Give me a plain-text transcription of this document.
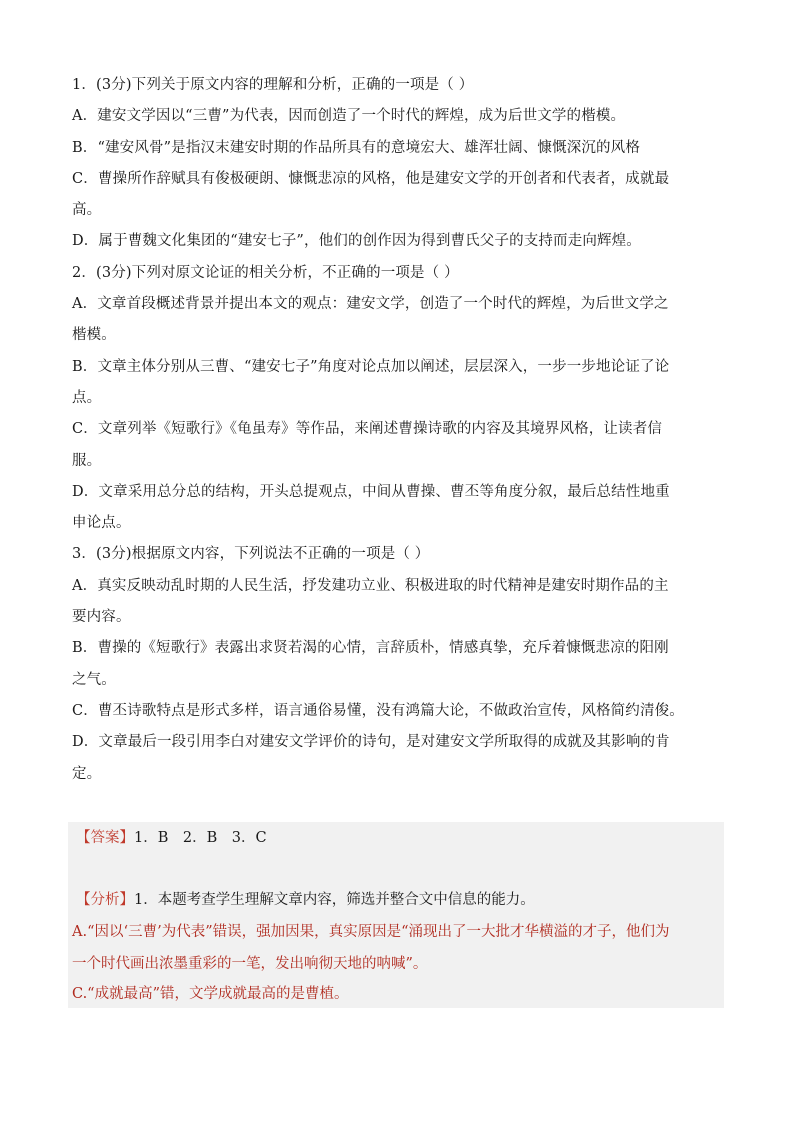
1．(3分)下列关于原文内容的理解和分析，正确的一项是（ ）
A．建安文学因以“三曹”为代表，因而创造了一个时代的辉煌，成为后世文学的楷模。
B．“建安风骨”是指汉末建安时期的作品所具有的意境宏大、雄浑壮阔、慷慨深沉的风格
C．曹操所作辞赋具有俊极硬朗、慷慨悲凉的风格，他是建安文学的开创者和代表者，成就最
高。
D．属于曹魏文化集团的“建安七子”，他们的创作因为得到曹氏父子的支持而走向辉煌。
2．(3分)下列对原文论证的相关分析，不正确的一项是（ ）
A．文章首段概述背景并提出本文的观点：建安文学，创造了一个时代的辉煌，为后世文学之
楷模。
B．文章主体分别从三曹、“建安七子”角度对论点加以阐述，层层深入，一步一步地论证了论
点。
C．文章列举《短歌行》《龟虽寿》等作品，来阐述曹操诗歌的内容及其境界风格，让读者信
服。
D．文章采用总分总的结构，开头总提观点，中间从曹操、曹丕等角度分叙，最后总结性地重
申论点。
3．(3分)根据原文内容，下列说法不正确的一项是（ ）
A．真实反映动乱时期的人民生活，抒发建功立业、积极进取的时代精神是建安时期作品的主
要内容。
B．曹操的《短歌行》表露出求贤若渴的心情，言辞质朴，情感真挚，充斥着慷慨悲凉的阳刚
之气。
C．曹丕诗歌特点是形式多样，语言通俗易懂，没有鸿篇大论，不做政治宣传，风格简约清俊。
D．文章最后一段引用李白对建安文学评价的诗句，是对建安文学所取得的成就及其影响的肯
定。
【答案】1．B　2．B　3．C
【分析】1．本题考查学生理解文章内容，筛选并整合文中信息的能力。
A.“因以‘三曹’为代表”错误，强加因果，真实原因是“涌现出了一大批才华横溢的才子，他们为
一个时代画出浓墨重彩的一笔，发出响彻天地的呐喊”。
C.“成就最高”错，文学成就最高的是曹植。
